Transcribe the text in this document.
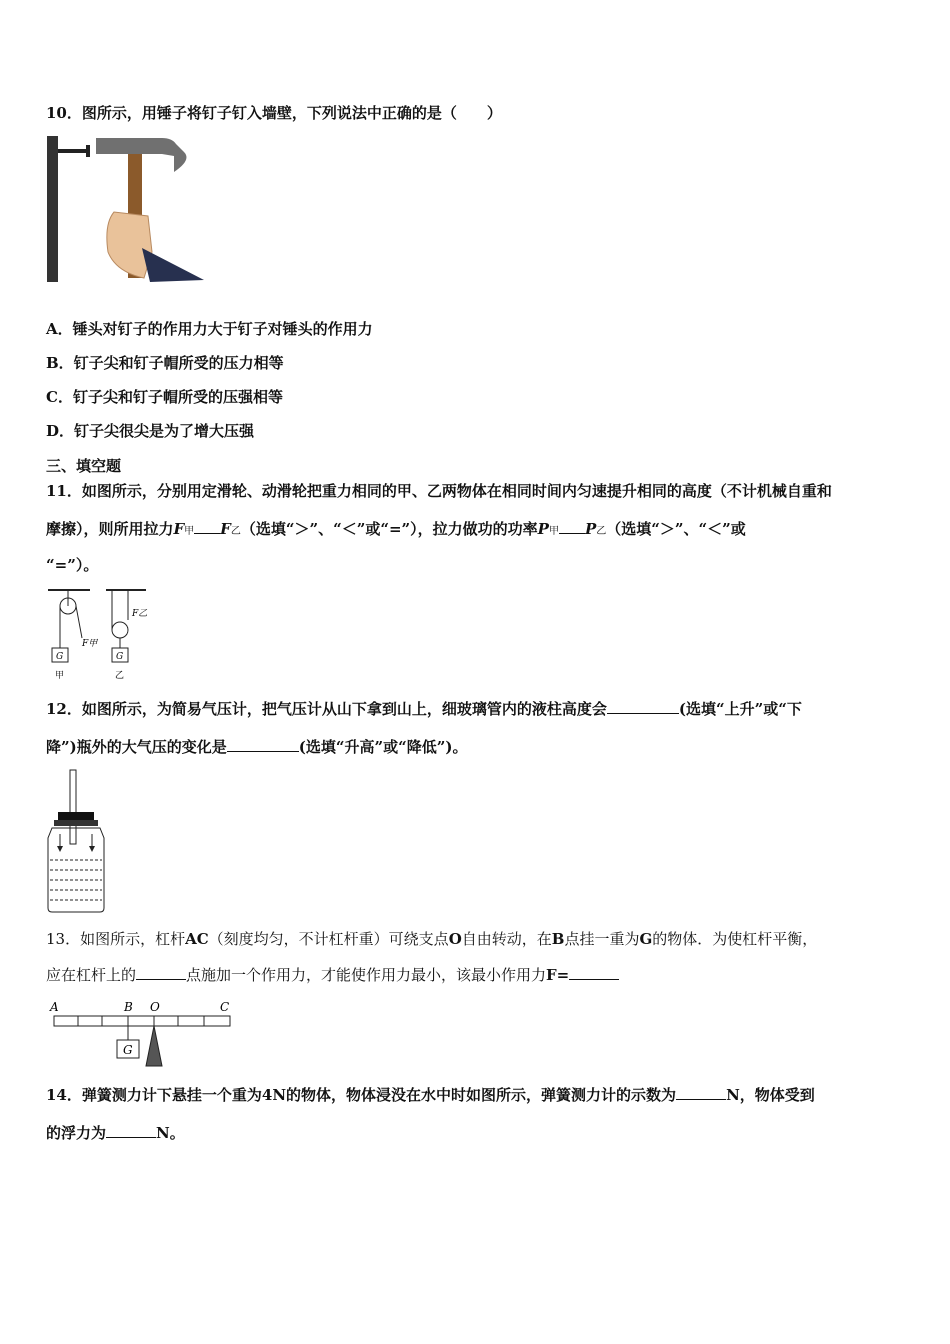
10．图所示，用锤子将钉子钉入墙壁，下列说法中正确的是（　　）
A．锤头对钉子的作用力大于钉子对锤头的作用力
B．钉子尖和钉子帽所受的压力相等
C．钉子尖和钉子帽所受的压强相等
D．钉子尖很尖是为了增大压强
三、填空题
11．如图所示，分别用定滑轮、动滑轮把重力相同的甲、乙两物体在相同时间内匀速提升相同的高度（不计机械自重和
摩擦），则所用拉力F甲 F乙（选填“＞”、“＜”或“=”），拉力做功的功率P甲 P乙（选填“＞”、“＜”或
“=”）。
G
F甲
甲
G
F乙
乙
12．如图所示，为简易气压计，把气压计从山下拿到山上，细玻璃管内的液柱高度会	(选填“上升”或“下
降”)瓶外的大气压的变化是	(选填“升高”或“降低”)。
13．如图所示，杠杆AC（刻度均匀，不计杠杆重）可绕支点O自由转动，在B点挂一重为G的物体．为使杠杆平衡，
应在杠杆上的	点施加一个作用力，才能使作用力最小，该最小作用力F=
A	B O	C
G
14．弹簧测力计下悬挂一个重为4N的物体，物体浸没在水中时如图所示，弹簧测力计的示数为	N，物体受到
的浮力为	N。
